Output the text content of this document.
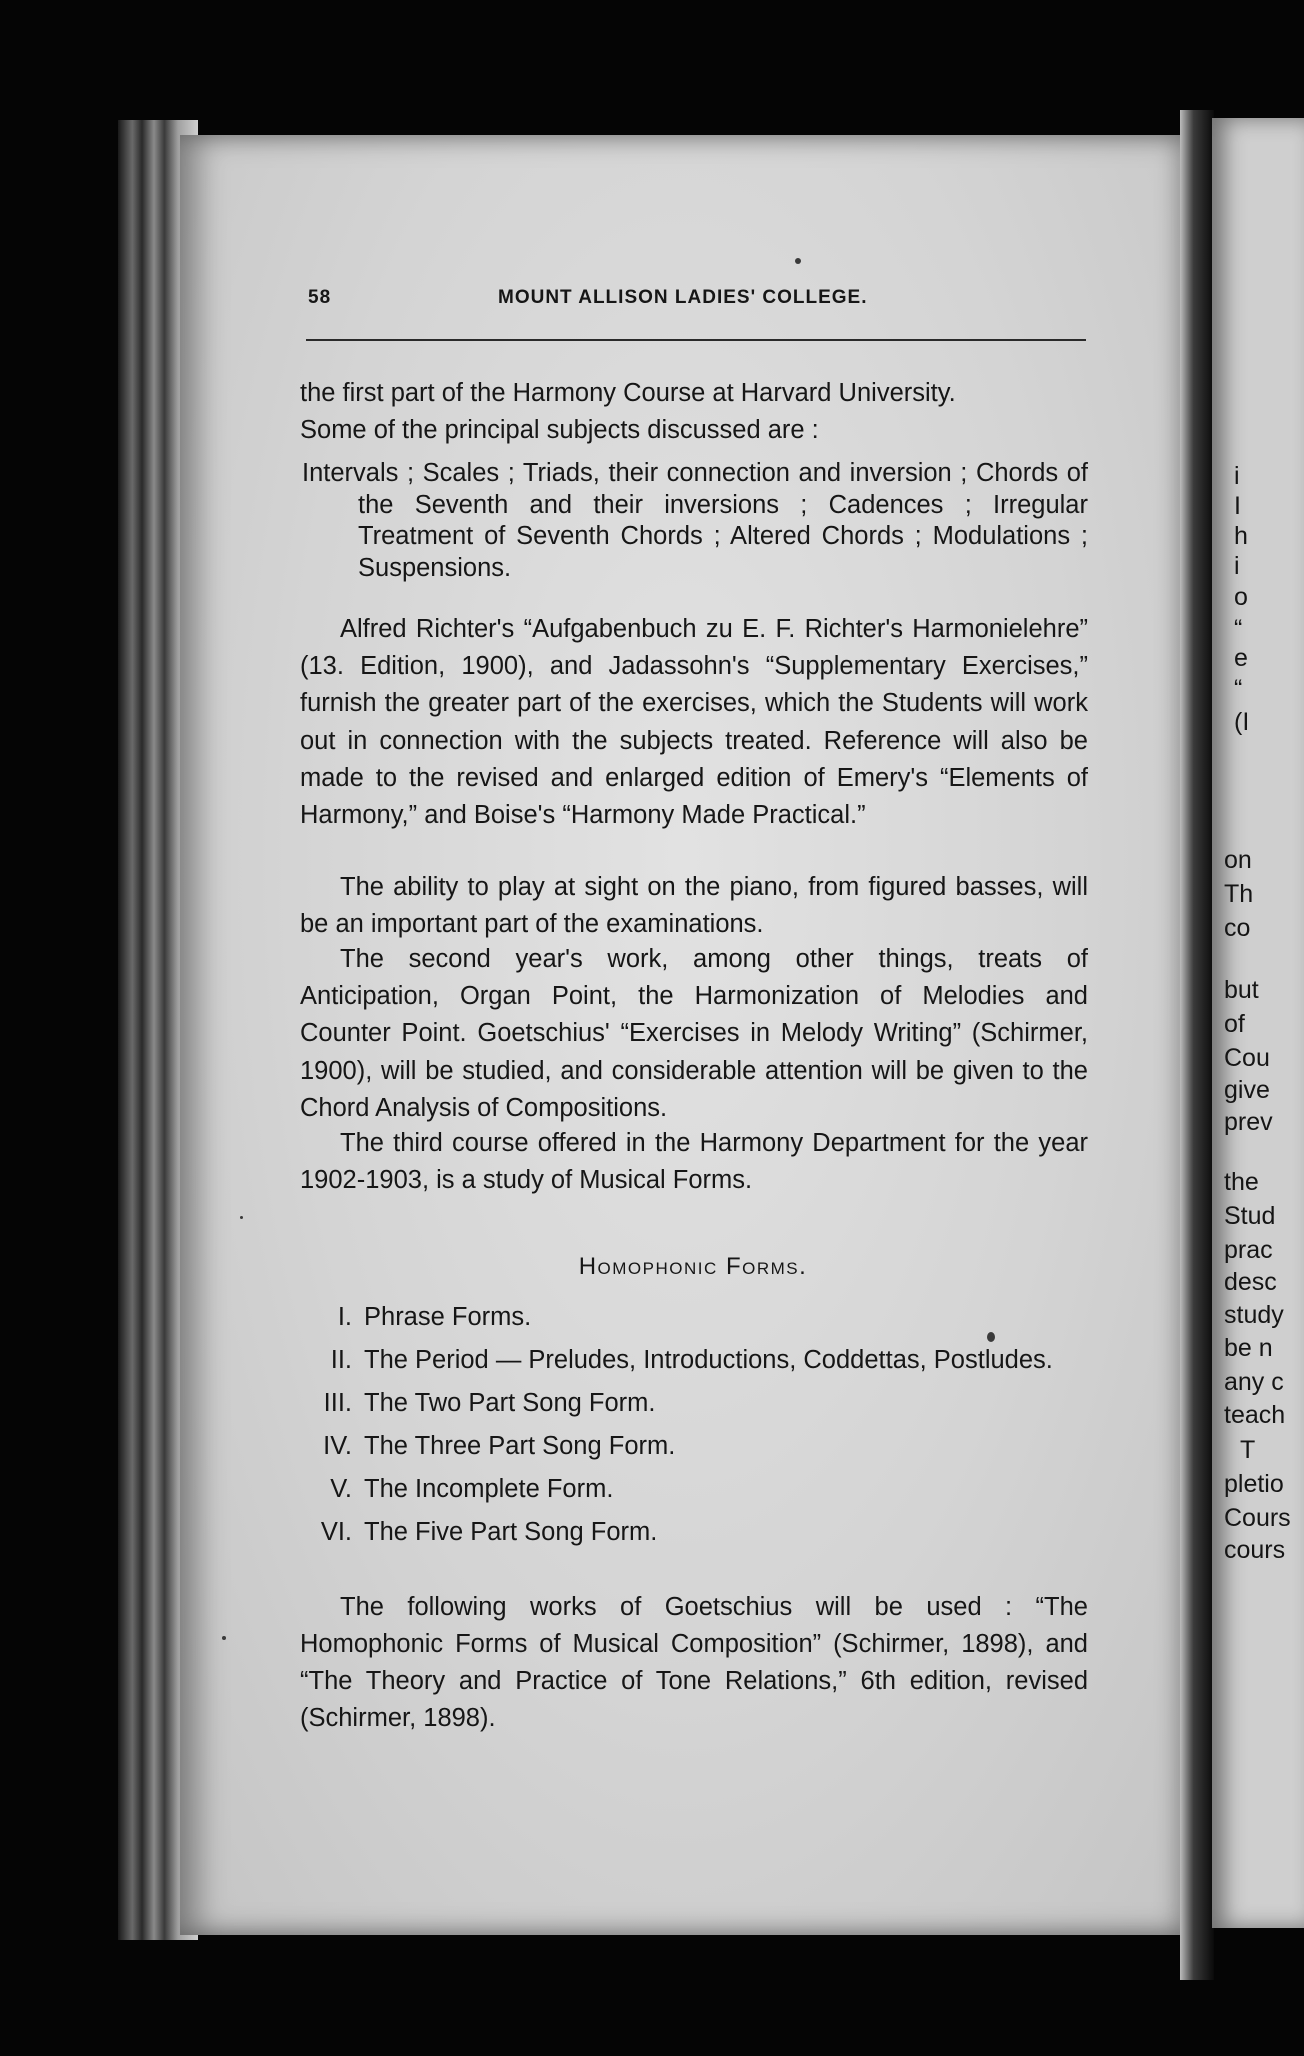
i
I
h
i
o
“
e
“
(I
on
Th
co
but
of
Cou
give
prev
the
Stud
prac
desc
study
be n
any c
teach
T
pletio
Cours
cours
58	MOUNT ALLISON LADIES' COLLEGE.

the first part of the Harmony Course at Harvard University.

Some of the principal subjects discussed are :

Intervals ; Scales ; Triads, their connection and inversion ; Chords of the Seventh and their inversions ; Cadences ; Irregular Treatment of Seventh Chords ; Altered Chords ; Modulations ; Suspensions.
Alfred Richter's “Aufgabenbuch zu E. F. Richter's Harmonielehre” (13. Edition, 1900), and Jadassohn's “Supplementary Exercises,” furnish the greater part of the exercises, which the Students will work out in connection with the subjects treated. Reference will also be made to the revised and enlarged edition of Emery's “Elements of Harmony,” and Boise's “Harmony Made Practical.”
The ability to play at sight on the piano, from figured basses, will be an important part of the examinations.
The second year's work, among other things, treats of Anticipation, Organ Point, the Harmonization of Melodies and Counter Point. Goetschius' “Exercises in Melody Writing” (Schirmer, 1900), will be studied, and considerable attention will be given to the Chord Analysis of Compositions.
The third course offered in the Harmony Department for the year 1902-1903, is a study of Musical Forms.
Homophonic Forms.
I. Phrase Forms.
II. The Period — Preludes, Introductions, Coddettas, Postludes.
III. The Two Part Song Form.
IV. The Three Part Song Form.
V. The Incomplete Form.
VI. The Five Part Song Form.
The following works of Goetschius will be used : “The Homophonic Forms of Musical Composition” (Schirmer, 1898), and “The Theory and Practice of Tone Relations,” 6th edition, revised (Schirmer, 1898).
